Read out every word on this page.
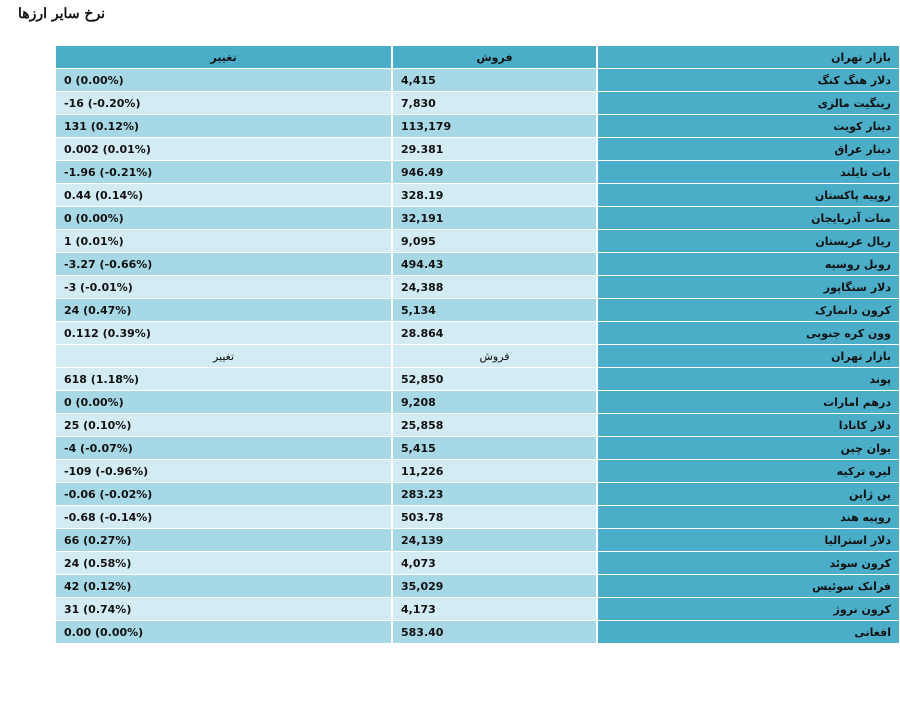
نرخ سایر ارزها
بازار تهران	فروش	تغییر
دلار هنگ کنگ	4,415	0 (0.00%)
رینگیت مالزی	7,830	-16 (-0.20%)
دینار کویت	113,179	131 (0.12%)
دینار عراق	29.381	0.002 (0.01%)
بات تایلند	946.49	-1.96 (-0.21%)
روپیه پاکستان	328.19	0.44 (0.14%)
منات آذربایجان	32,191	0 (0.00%)
ریال عربستان	9,095	1 (0.01%)
روبل روسیه	494.43	-3.27 (-0.66%)
دلار سنگاپور	24,388	-3 (-0.01%)
کرون دانمارک	5,134	24 (0.47%)
وون کره جنوبی	28.864	0.112 (0.39%)
بازار تهران	فروش	تغییر
پوند	52,850	618 (1.18%)
درهم امارات	9,208	0 (0.00%)
دلار کانادا	25,858	25 (0.10%)
یوان چین	5,415	-4 (-0.07%)
لیره ترکیه	11,226	-109 (-0.96%)
ین ژاپن	283.23	-0.06 (-0.02%)
روپیه هند	503.78	-0.68 (-0.14%)
دلار استرالیا	24,139	66 (0.27%)
کرون سوئد	4,073	24 (0.58%)
فرانک سوئیس	35,029	42 (0.12%)
کرون نروژ	4,173	31 (0.74%)
افغانی	583.40	0.00 (0.00%)
